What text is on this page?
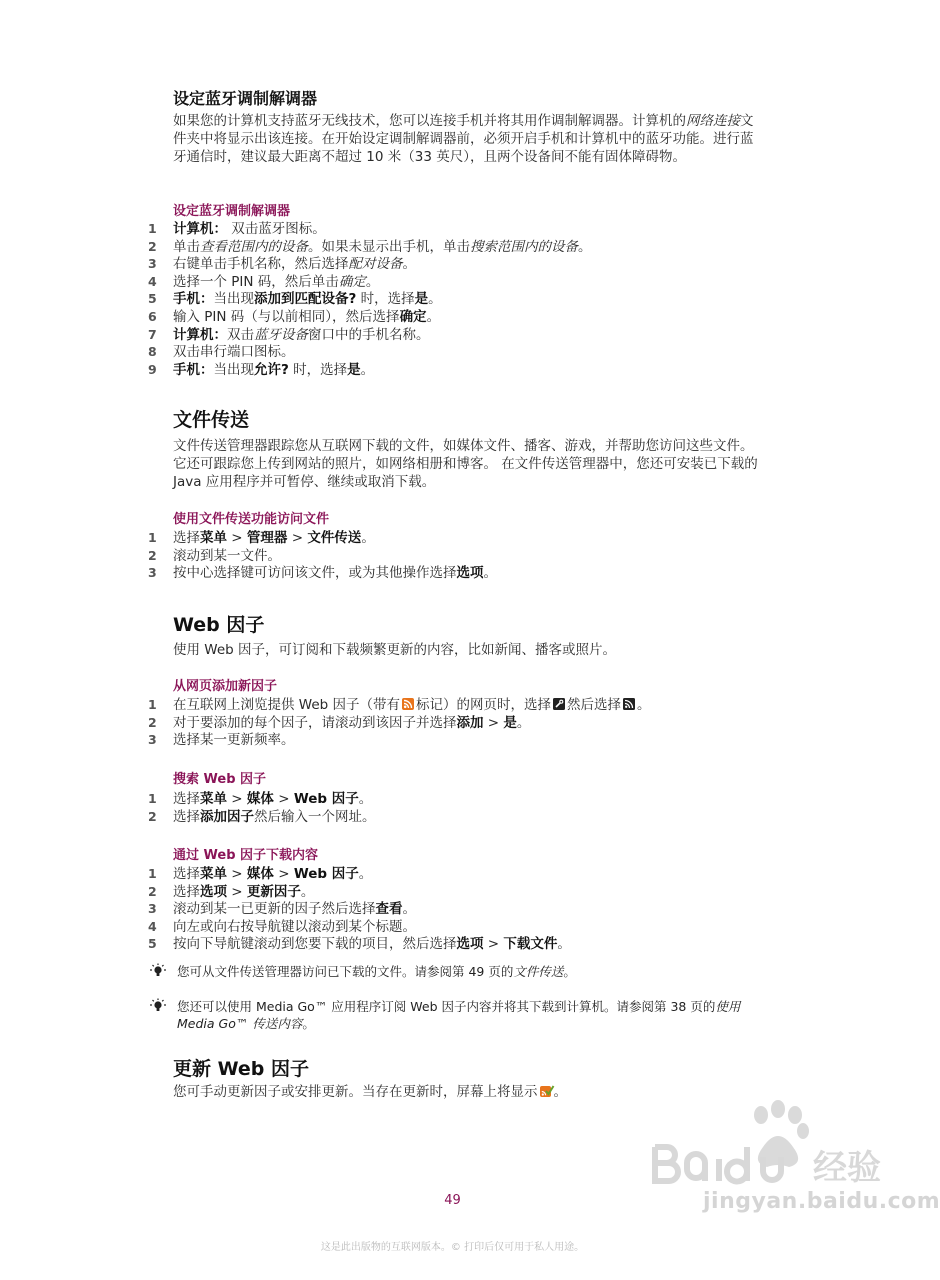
设定蓝牙调制解调器
如果您的计算机支持蓝牙无线技术，您可以连接手机并将其用作调制解调器。计算机的网络连接文件夹中将显示出该连接。在开始设定调制解调器前，必须开启手机和计算机中的蓝牙功能。进行蓝牙通信时，建议最大距离不超过 10 米（33 英尺），且两个设备间不能有固体障碍物。
设定蓝牙调制解调器
1 计算机： 双击蓝牙图标。
2 单击查看范围内的设备。如果未显示出手机，单击搜索范围内的设备。
3 右键单击手机名称，然后选择配对设备。
4 选择一个 PIN 码，然后单击确定。
5 手机：当出现添加到匹配设备? 时，选择是。
6 输入 PIN 码（与以前相同），然后选择确定。
7 计算机：双击蓝牙设备窗口中的手机名称。
8 双击串行端口图标。
9 手机：当出现允许? 时，选择是。
文件传送
文件传送管理器跟踪您从互联网下载的文件，如媒体文件、播客、游戏，并帮助您访问这些文件。 它还可跟踪您上传到网站的照片，如网络相册和博客。 在文件传送管理器中，您还可安装已下载的 Java 应用程序并可暂停、继续或取消下载。
使用文件传送功能访问文件
1 选择菜单 > 管理器 > 文件传送。
2 滚动到某一文件。
3 按中心选择键可访问该文件，或为其他操作选择选项。
Web 因子
使用 Web 因子，可订阅和下载频繁更新的内容，比如新闻、播客或照片。
从网页添加新因子
1 在互联网上浏览提供 Web 因子（带有 标记）的网页时，选择 然后选择 。
2 对于要添加的每个因子，请滚动到该因子并选择添加 > 是。
3 选择某一更新频率。
搜索 Web 因子
1 选择菜单 > 媒体 > Web 因子。
2 选择添加因子然后输入一个网址。
通过 Web 因子下载内容
1 选择菜单 > 媒体 > Web 因子。
2 选择选项 > 更新因子。
3 滚动到某一已更新的因子然后选择查看。
4 向左或向右按导航键以滚动到某个标题。
5 按向下导航键滚动到您要下载的项目，然后选择选项 > 下载文件。
您可从文件传送管理器访问已下载的文件。请参阅第 49 页的文件传送。
您还可以使用 Media Go™ 应用程序订阅 Web 因子内容并将其下载到计算机。请参阅第 38 页的使用 Media Go™ 传送内容。
更新 Web 因子
您可手动更新因子或安排更新。当存在更新时，屏幕上将显示 。
49
这是此出版物的互联网版本。© 打印后仅可用于私人用途。
经验
jingyan.baidu.com
